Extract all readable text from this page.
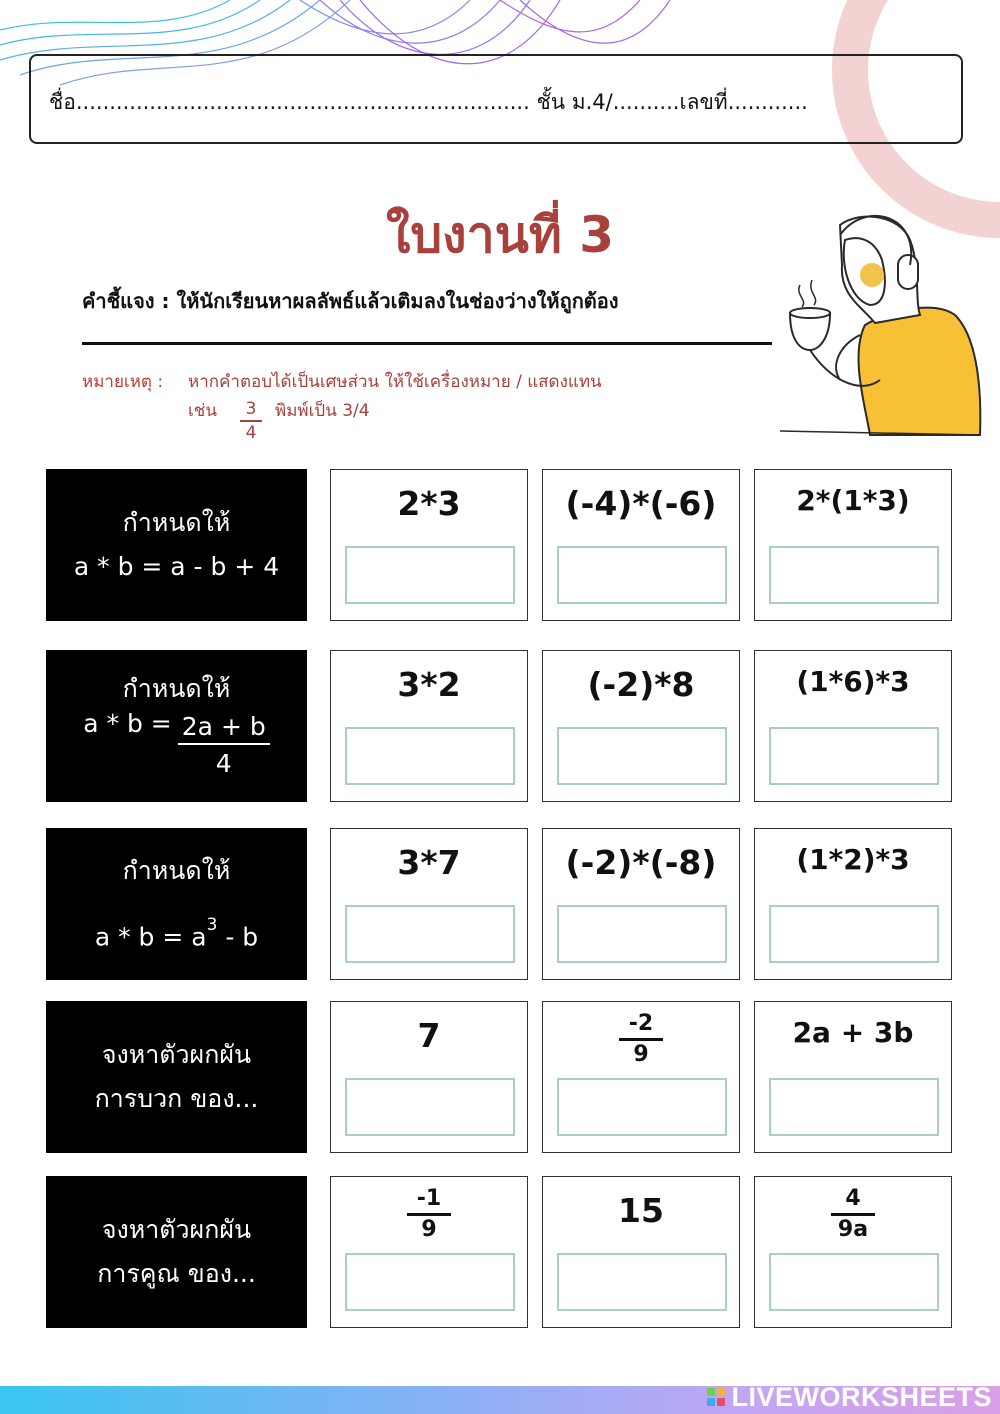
ชื่อ.................................................................... ชั้น ม.4/..........เลขที่............
ใบงานที่ 3
คำชี้แจง : ให้นักเรียนหาผลลัพธ์แล้วเติมลงในช่องว่างให้ถูกต้อง
หมายเหตุ : หากคำตอบได้เป็นเศษส่วน ให้ใช้เครื่องหมาย / แสดงแทน
เช่น	3
4
พิมพ์เป็น 3/4
กำหนดให้
a * b = a - b + 4
2*3	(-4)*(-6)	2*(1*3)
กำหนดให้
$a * b = \frac{2a + b}{4}$
3*2	(-2)*8	(1*6)*3
กำหนดให้
$a * b = a^3 - b$
3*7	(-2)*(-8)	(1*2)*3
จงหาตัวผกผัน
การบวก ของ...
7	$\frac{-2}{9}$	2a + 3b
จงหาตัวผกผัน
การคูณ ของ...
$\frac{-1}{9}$	15	$\frac{4}{9a}$
LIVEWORKSHEETS
